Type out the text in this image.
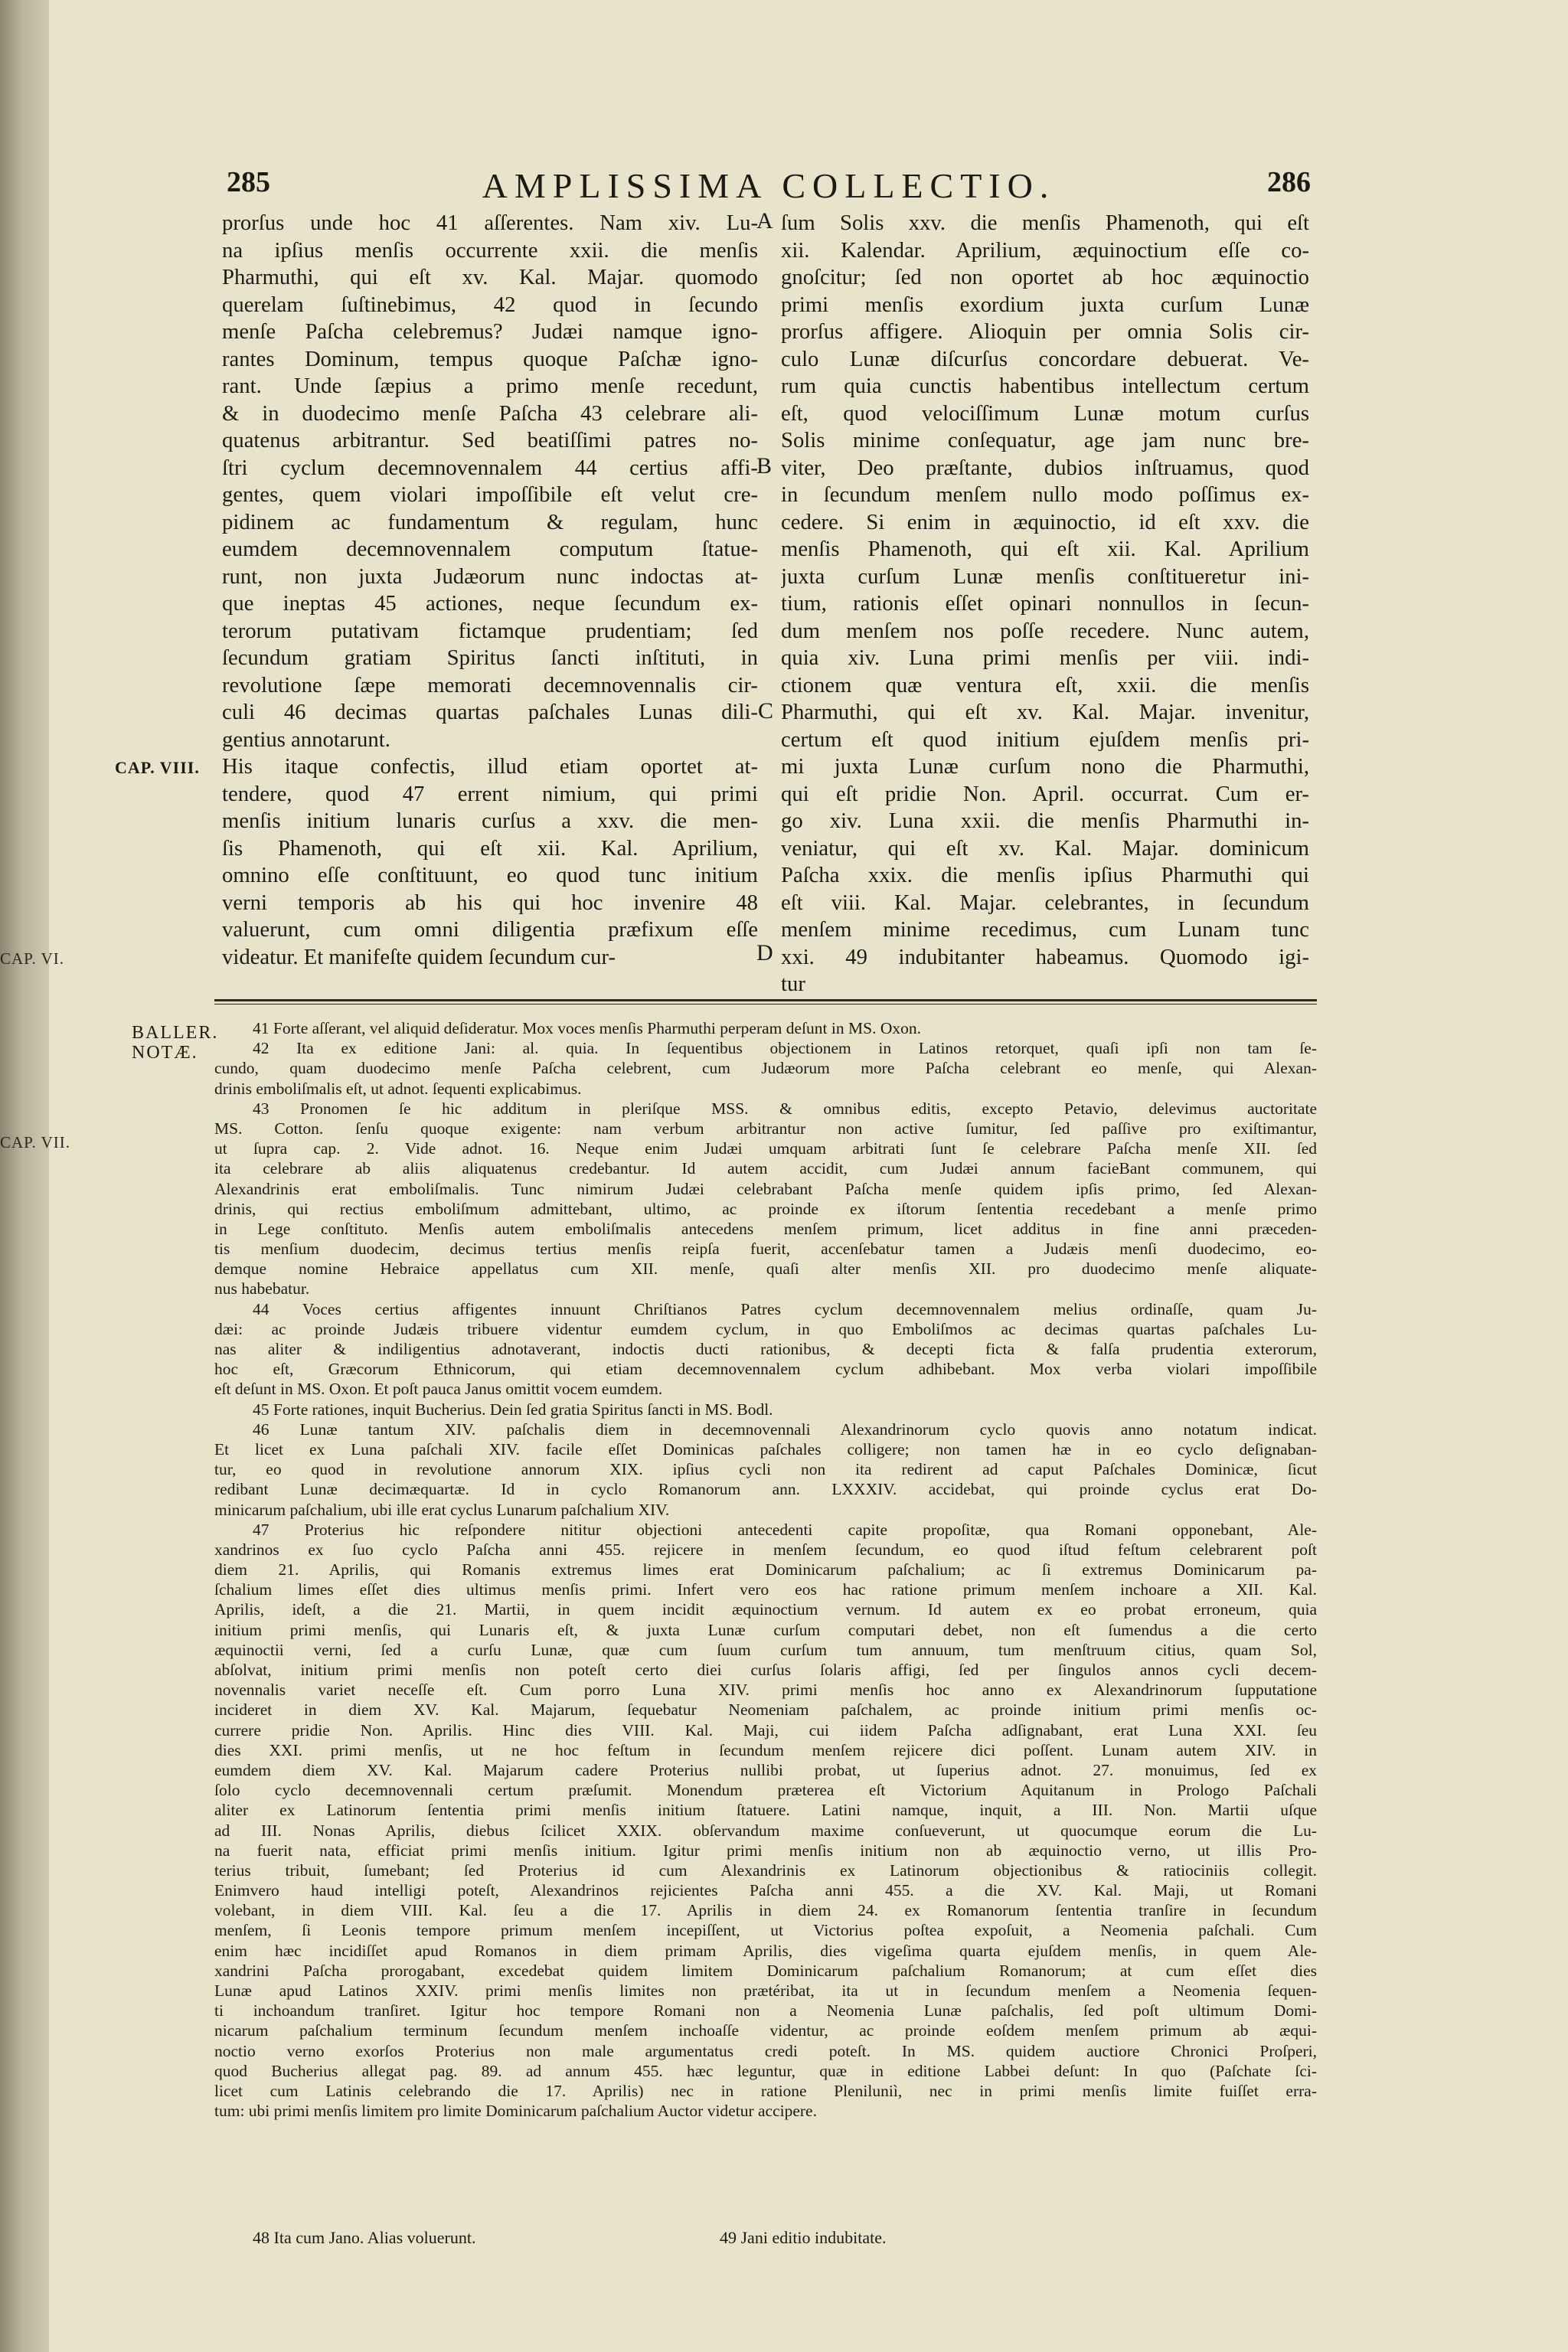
CAP. VI.
CAP. VII.
285	AMPLISSIMA COLLECTIO.	286
A
B
C
D
CAP. VIII.
prorſus unde hoc 41 aſſerentes. Nam xiv. Lu-
na ipſius menſis occurrente xxii. die menſis
Pharmuthi, qui eſt xv. Kal. Majar. quomodo
querelam ſuſtinebimus, 42 quod in ſecundo
menſe Paſcha celebremus? Judæi namque igno-
rantes Dominum, tempus quoque Paſchæ igno-
rant. Unde ſæpius a primo menſe recedunt,
& in duodecimo menſe Paſcha 43 celebrare ali-
quatenus arbitrantur. Sed beatiſſimi patres no-
ſtri cyclum decemnovennalem 44 certius affi-
gentes, quem violari impoſſibile eſt velut cre-
pidinem ac fundamentum & regulam, hunc
eumdem decemnovennalem computum ſtatue-
runt, non juxta Judæorum nunc indoctas at-
que ineptas 45 actiones, neque ſecundum ex-
terorum putativam fictamque prudentiam; ſed
ſecundum gratiam Spiritus ſancti inſtituti, in
revolutione ſæpe memorati decemnovennalis cir-
culi 46 decimas quartas paſchales Lunas dili-
gentius annotarunt.
His itaque confectis, illud etiam oportet at-
tendere, quod 47 errent nimium, qui primi
menſis initium lunaris curſus a xxv. die men-
ſis Phamenoth, qui eſt xii. Kal. Aprilium,
omnino eſſe conſtituunt, eo quod tunc initium
verni temporis ab his qui hoc invenire 48
valuerunt, cum omni diligentia præfixum eſſe
videatur. Et manifeſte quidem ſecundum cur-
ſum Solis xxv. die menſis Phamenoth, qui eſt
xii. Kalendar. Aprilium, æquinoctium eſſe co-
gnoſcitur; ſed non oportet ab hoc æquinoctio
primi menſis exordium juxta curſum Lunæ
prorſus affigere. Alioquin per omnia Solis cir-
culo Lunæ diſcurſus concordare debuerat. Ve-
rum quia cunctis habentibus intellectum certum
eſt, quod velociſſimum Lunæ motum curſus
Solis minime conſequatur, age jam nunc bre-
viter, Deo præſtante, dubios inſtruamus, quod
in ſecundum menſem nullo modo poſſimus ex-
cedere. Si enim in æquinoctio, id eſt xxv. die
menſis Phamenoth, qui eſt xii. Kal. Aprilium
juxta curſum Lunæ menſis conſtitueretur ini-
tium, rationis eſſet opinari nonnullos in ſecun-
dum menſem nos poſſe recedere. Nunc autem,
quia xiv. Luna primi menſis per viii. indi-
ctionem quæ ventura eſt, xxii. die menſis
Pharmuthi, qui eſt xv. Kal. Majar. invenitur,
certum eſt quod initium ejuſdem menſis pri-
mi juxta Lunæ curſum nono die Pharmuthi,
qui eſt pridie Non. April. occurrat. Cum er-
go xiv. Luna xxii. die menſis Pharmuthi in-
veniatur, qui eſt xv. Kal. Majar. dominicum
Paſcha xxix. die menſis ipſius Pharmuthi qui
eſt viii. Kal. Majar. celebrantes, in ſecundum
menſem minime recedimus, cum Lunam tunc
xxi. 49 indubitanter habeamus. Quomodo igi-
tur
BALLER.
NOTÆ.
41 Forte aſſerant, vel aliquid deſideratur. Mox voces menſis Pharmuthi perperam deſunt in MS. Oxon.
42 Ita ex editione Jani: al. quia. In ſequentibus objectionem in Latinos retorquet, quaſi ipſi non tam ſe-
cundo, quam duodecimo menſe Paſcha celebrent, cum Judæorum more Paſcha celebrant eo menſe, qui Alexan-
drinis emboliſmalis eſt, ut adnot. ſequenti explicabimus.
43 Pronomen ſe hic additum in pleriſque MSS. & omnibus editis, excepto Petavio, delevimus auctoritate
MS. Cotton. ſenſu quoque exigente: nam verbum arbitrantur non active ſumitur, ſed paſſive pro exiſtimantur,
ut ſupra cap. 2. Vide adnot. 16. Neque enim Judæi umquam arbitrati ſunt ſe celebrare Paſcha menſe XII. ſed
ita celebrare ab aliis aliquatenus credebantur. Id autem accidit, cum Judæi annum facieBant communem, qui
Alexandrinis erat emboliſmalis. Tunc nimirum Judæi celebrabant Paſcha menſe quidem ipſis primo, ſed Alexan-
drinis, qui rectius emboliſmum admittebant, ultimo, ac proinde ex iſtorum ſententia recedebant a menſe primo
in Lege conſtituto. Menſis autem emboliſmalis antecedens menſem primum, licet additus in fine anni præceden-
tis menſium duodecim, decimus tertius menſis reipſa fuerit, accenſebatur tamen a Judæis menſi duodecimo, eo-
demque nomine Hebraice appellatus cum XII. menſe, quaſi alter menſis XII. pro duodecimo menſe aliquate-
nus habebatur.
44 Voces certius affigentes innuunt Chriſtianos Patres cyclum decemnovennalem melius ordinaſſe, quam Ju-
dæi: ac proinde Judæis tribuere videntur eumdem cyclum, in quo Emboliſmos ac decimas quartas paſchales Lu-
nas aliter & indiligentius adnotaverant, indoctis ducti rationibus, & decepti ficta & falſa prudentia exterorum,
hoc eſt, Græcorum Ethnicorum, qui etiam decemnovennalem cyclum adhibebant. Mox verba violari impoſſibile
eſt deſunt in MS. Oxon. Et poſt pauca Janus omittit vocem eumdem.
45 Forte rationes, inquit Bucherius. Dein ſed gratia Spiritus ſancti in MS. Bodl.
46 Lunæ tantum XIV. paſchalis diem in decemnovennali Alexandrinorum cyclo quovis anno notatum indicat.
Et licet ex Luna paſchali XIV. facile eſſet Dominicas paſchales colligere; non tamen hæ in eo cyclo deſignaban-
tur, eo quod in revolutione annorum XIX. ipſius cycli non ita redirent ad caput Paſchales Dominicæ, ſicut
redibant Lunæ decimæquartæ. Id in cyclo Romanorum ann. LXXXIV. accidebat, qui proinde cyclus erat Do-
minicarum paſchalium, ubi ille erat cyclus Lunarum paſchalium XIV.
47 Proterius hic reſpondere nititur objectioni antecedenti capite propoſitæ, qua Romani opponebant, Ale-
xandrinos ex ſuo cyclo Paſcha anni 455. rejicere in menſem ſecundum, eo quod iſtud feſtum celebrarent poſt
diem 21. Aprilis, qui Romanis extremus limes erat Dominicarum paſchalium; ac ſi extremus Dominicarum pa-
ſchalium limes eſſet dies ultimus menſis primi. Infert vero eos hac ratione primum menſem inchoare a XII. Kal.
Aprilis, ideſt, a die 21. Martii, in quem incidit æquinoctium vernum. Id autem ex eo probat erroneum, quia
initium primi menſis, qui Lunaris eſt, & juxta Lunæ curſum computari debet, non eſt ſumendus a die certo
æquinoctii verni, ſed a curſu Lunæ, quæ cum ſuum curſum tum annuum, tum menſtruum citius, quam Sol,
abſolvat, initium primi menſis non poteſt certo diei curſus ſolaris affigi, ſed per ſingulos annos cycli decem-
novennalis variet neceſſe eſt. Cum porro Luna XIV. primi menſis hoc anno ex Alexandrinorum ſupputatione
incideret in diem XV. Kal. Majarum, ſequebatur Neomeniam paſchalem, ac proinde initium primi menſis oc-
currere pridie Non. Aprilis. Hinc dies VIII. Kal. Maji, cui iidem Paſcha adſignabant, erat Luna XXI. ſeu
dies XXI. primi menſis, ut ne hoc feſtum in ſecundum menſem rejicere dici poſſent. Lunam autem XIV. in
eumdem diem XV. Kal. Majarum cadere Proterius nullibi probat, ut ſuperius adnot. 27. monuimus, ſed ex
ſolo cyclo decemnovennali certum præſumit. Monendum præterea eſt Victorium Aquitanum in Prologo Paſchali
aliter ex Latinorum ſententia primi menſis initium ſtatuere. Latini namque, inquit, a III. Non. Martii uſque
ad III. Nonas Aprilis, diebus ſcilicet XXIX. obſervandum maxime conſueverunt, ut quocumque eorum die Lu-
na fuerit nata, efficiat primi menſis initium. Igitur primi menſis initium non ab æquinoctio verno, ut illis Pro-
terius tribuit, ſumebant; ſed Proterius id cum Alexandrinis ex Latinorum objectionibus & ratiociniis collegit.
Enimvero haud intelligi poteſt, Alexandrinos rejicientes Paſcha anni 455. a die XV. Kal. Maji, ut Romani
volebant, in diem VIII. Kal. ſeu a die 17. Aprilis in diem 24. ex Romanorum ſententia tranſire in ſecundum
menſem, ſi Leonis tempore primum menſem incepiſſent, ut Victorius poſtea expoſuit, a Neomenia paſchali. Cum
enim hæc incidiſſet apud Romanos in diem primam Aprilis, dies vigeſima quarta ejuſdem menſis, in quem Ale-
xandrini Paſcha prorogabant, excedebat quidem limitem Dominicarum paſchalium Romanorum; at cum eſſet dies
Lunæ apud Latinos XXIV. primi menſis limites non prætéribat, ita ut in ſecundum menſem a Neomenia ſequen-
ti inchoandum tranſiret. Igitur hoc tempore Romani non a Neomenia Lunæ paſchalis, ſed poſt ultimum Domi-
nicarum paſchalium terminum ſecundum menſem inchoaſſe videntur, ac proinde eoſdem menſem primum ab æqui-
noctio verno exorſos Proterius non male argumentatus credi poteſt. In MS. quidem auctiore Chronici Proſperi,
quod Bucherius allegat pag. 89. ad annum 455. hæc leguntur, quæ in editione Labbei deſunt: In quo (Paſchate ſci-
licet cum Latinis celebrando die 17. Aprilis) nec in ratione Pleniluniì, nec in primi menſis limite fuiſſet erra-
tum: ubi primi menſis limitem pro limite Dominicarum paſchalium Auctor videtur accipere.
48 Ita cum Jano. Alias voluerunt.	49 Jani editio indubitate.
